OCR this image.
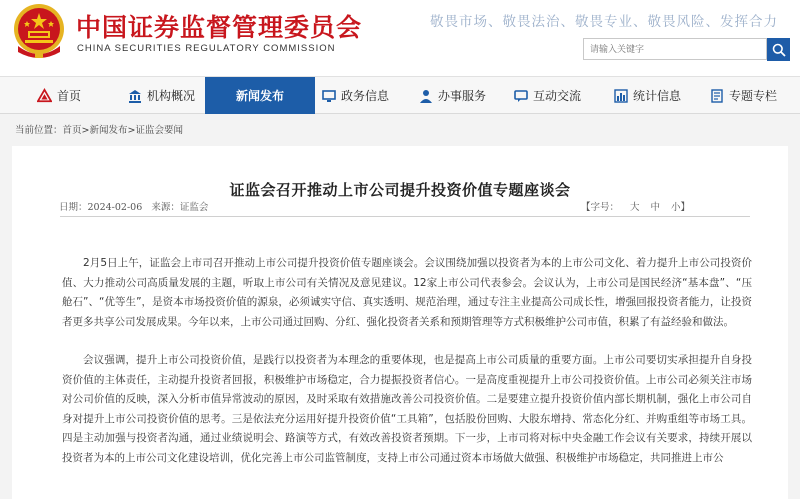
中国证券监督管理委员会
CHINA SECURITIES REGULATORY COMMISSION
敬畏市场、敬畏法治、敬畏专业、敬畏风险、发挥合力
请输入关键字
首页	机构概况	新闻发布	政务信息	办事服务	互动交流	统计信息	专题专栏
当前位置：首页>新闻发布>证监会要闻
证监会召开推动上市公司提升投资价值专题座谈会
日期：2024-02-06 来源：证监会	【字号： 大 中 小】

2月5日上午，证监会上市司召开推动上市公司提升投资价值专题座谈会。会议围绕加强以投资者为本的上市公司文化、着力提升上市公司投资价值、大力推动公司高质量发展的主题，听取上市公司有关情况及意见建议。12家上市公司代表参会。会议认为，上市公司是国民经济“基本盘”、“压舱石”、“优等生”，是资本市场投资价值的源泉，必须诚实守信、真实透明、规范治理，通过专注主业提高公司成长性，增强回报投资者能力，让投资者更多共享公司发展成果。今年以来，上市公司通过回购、分红、强化投资者关系和预期管理等方式积极维护公司市值，积累了有益经验和做法。

会议强调，提升上市公司投资价值，是践行以投资者为本理念的重要体现，也是提高上市公司质量的重要方面。上市公司要切实承担提升自身投资价值的主体责任，主动提升投资者回报，积极维护市场稳定，合力提振投资者信心。一是高度重视提升上市公司投资价值。上市公司必须关注市场对公司价值的反映，深入分析市值异常波动的原因，及时采取有效措施改善公司投资价值。二是要建立提升投资价值内部长期机制，强化上市公司自身对提升上市公司投资价值的思考。三是依法充分运用好提升投资价值“工具箱”，包括股份回购、大股东增持、常态化分红、并购重组等市场工具。四是主动加强与投资者沟通，通过业绩说明会、路演等方式，有效改善投资者预期。下一步，上市司将对标中央金融工作会议有关要求，持续开展以投资者为本的上市公司文化建设培训，优化完善上市公司监管制度，支持上市公司通过资本市场做大做强、积极维护市场稳定，共同推进上市公
